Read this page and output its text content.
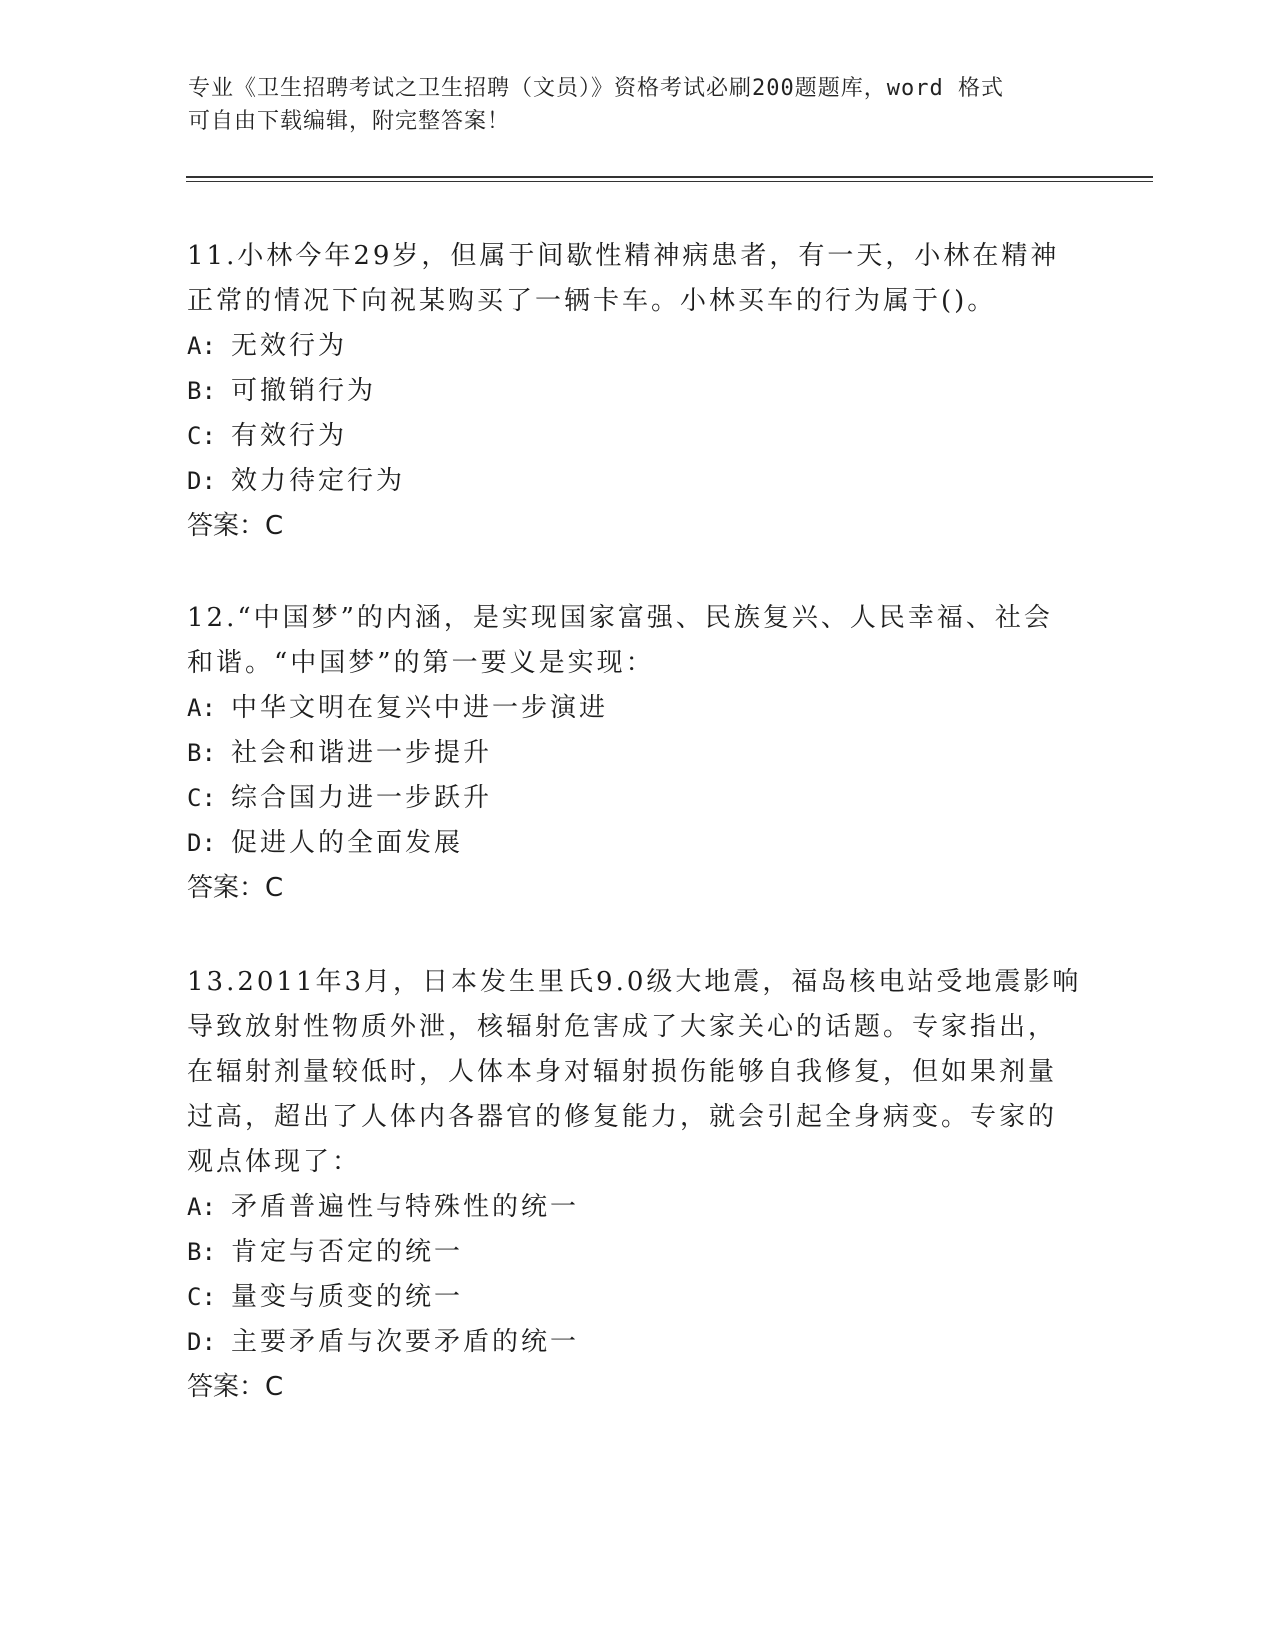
专业《卫生招聘考试之卫生招聘（文员）》资格考试必刷200题题库，word 格式
可自由下载编辑，附完整答案！

11.小林今年29岁，但属于间歇性精神病患者，有一天，小林在精神

正常的情况下向祝某购买了一辆卡车。小林买车的行为属于()。

A: 无效行为

B: 可撤销行为

C: 有效行为

D: 效力待定行为

答案：C

12.“中国梦”的内涵，是实现国家富强、民族复兴、人民幸福、社会

和谐。“中国梦”的第一要义是实现：

A: 中华文明在复兴中进一步演进

B: 社会和谐进一步提升

C: 综合国力进一步跃升

D: 促进人的全面发展

答案：C

13.2011年3月，日本发生里氏9.0级大地震，福岛核电站受地震影响

导致放射性物质外泄，核辐射危害成了大家关心的话题。专家指出，

在辐射剂量较低时，人体本身对辐射损伤能够自我修复，但如果剂量

过高，超出了人体内各器官的修复能力，就会引起全身病变。专家的

观点体现了：

A: 矛盾普遍性与特殊性的统一

B: 肯定与否定的统一

C: 量变与质变的统一

D: 主要矛盾与次要矛盾的统一

答案：C
